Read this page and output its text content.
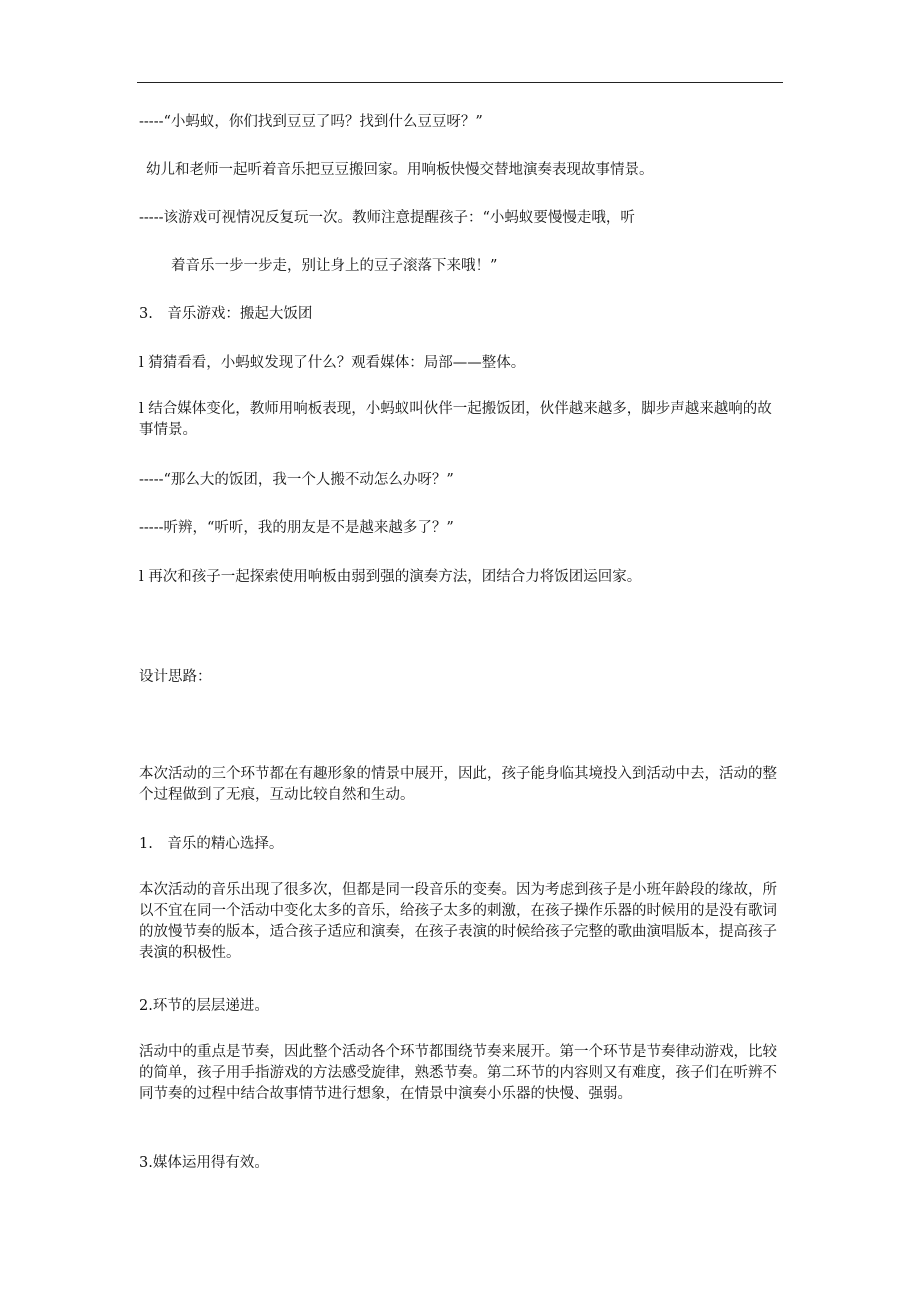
-----“小蚂蚁，你们找到豆豆了吗？找到什么豆豆呀？”
幼儿和老师一起听着音乐把豆豆搬回家。用响板快慢交替地演奏表现故事情景。
-----该游戏可视情况反复玩一次。教师注意提醒孩子：“小蚂蚁要慢慢走哦，听
着音乐一步一步走，别让身上的豆子滚落下来哦！”
3.　音乐游戏：搬起大饭团
l 猜猜看看，小蚂蚁发现了什么？观看媒体：局部——整体。
l 结合媒体变化，教师用响板表现，小蚂蚁叫伙伴一起搬饭团，伙伴越来越多，脚步声越来越响的故事情景。
-----“那么大的饭团，我一个人搬不动怎么办呀？”
-----听辨，“听听，我的朋友是不是越来越多了？”
l 再次和孩子一起探索使用响板由弱到强的演奏方法，团结合力将饭团运回家。
设计思路：
本次活动的三个环节都在有趣形象的情景中展开，因此，孩子能身临其境投入到活动中去，活动的整个过程做到了无痕，互动比较自然和生动。
1.　音乐的精心选择。
本次活动的音乐出现了很多次，但都是同一段音乐的变奏。因为考虑到孩子是小班年龄段的缘故，所以不宜在同一个活动中变化太多的音乐，给孩子太多的刺激，在孩子操作乐器的时候用的是没有歌词的放慢节奏的版本，适合孩子适应和演奏，在孩子表演的时候给孩子完整的歌曲演唱版本，提高孩子表演的积极性。
2.环节的层层递进。
活动中的重点是节奏，因此整个活动各个环节都围绕节奏来展开。第一个环节是节奏律动游戏，比较的简单，孩子用手指游戏的方法感受旋律，熟悉节奏。第二环节的内容则又有难度，孩子们在听辨不同节奏的过程中结合故事情节进行想象，在情景中演奏小乐器的快慢、强弱。
3.媒体运用得有效。
